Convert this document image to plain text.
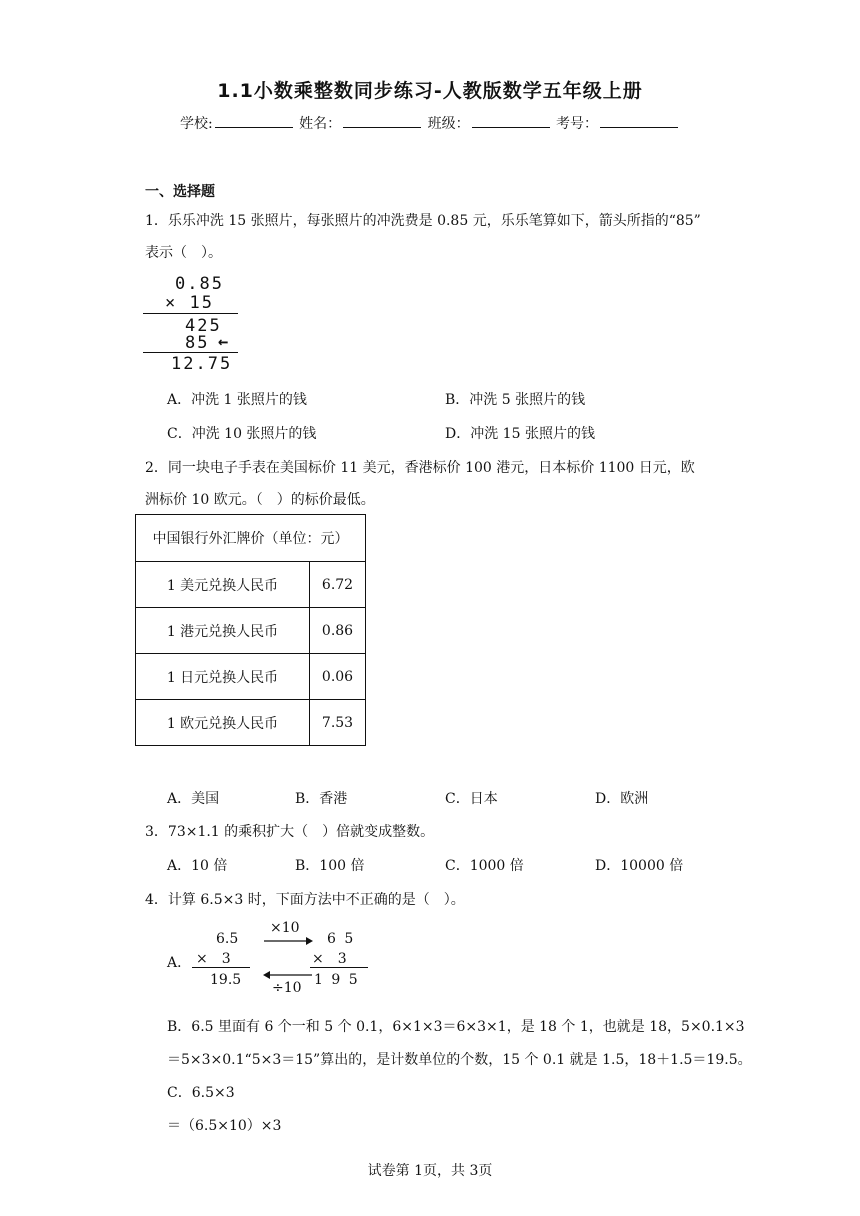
1.1小数乘整数同步练习-人教版数学五年级上册
学校:	姓名：	班级：	考号：
一、选择题
1．乐乐冲洗 15 张照片，每张照片的冲洗费是 0.85 元，乐乐笔算如下，箭头所指的“85”
表示（　）。
0.85
× 15
425
85 ←
12.75
A．冲洗 1 张照片的钱	B．冲洗 5 张照片的钱
C．冲洗 10 张照片的钱	D．冲洗 15 张照片的钱
2．同一块电子手表在美国标价 11 美元，香港标价 100 港元，日本标价 1100 日元，欧
洲标价 10 欧元。（　）的标价最低。
中国银行外汇牌价（单位：元）	
1 美元兑换人民币	6.72
1 港元兑换人民币	0.86
1 日元兑换人民币	0.06
1 欧元兑换人民币	7.53
A．美国	B．香港	C．日本	D．欧洲
3．73×1.1 的乘积扩大（　）倍就变成整数。
A．10 倍	B．100 倍	C．1000 倍	D．10000 倍
4．计算 6.5×3 时，下面方法中不正确的是（　）。
A．
6.5
×　3
19.5
×10
6 5
×　3
1 9 5
÷10
B．6.5 里面有 6 个一和 5 个 0.1，6×1×3＝6×3×1，是 18 个 1，也就是 18，5×0.1×3
＝5×3×0.1“5×3＝15”算出的，是计数单位的个数，15 个 0.1 就是 1.5，18＋1.5＝19.5。
C．6.5×3
＝（6.5×10）×3
试卷第 1页，共 3页
